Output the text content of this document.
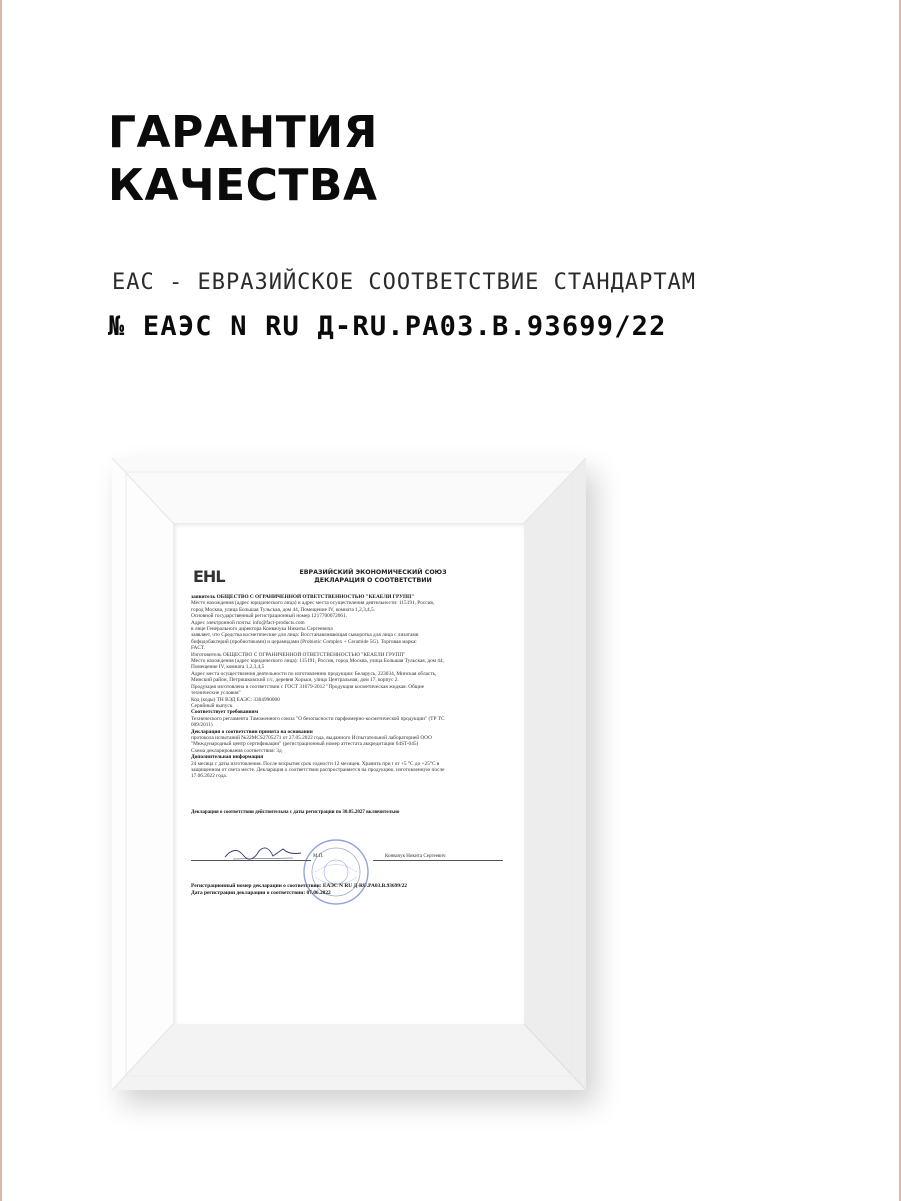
ГАРАНТИЯ
КАЧЕСТВА
EAC - ЕВРАЗИЙСКОЕ СООТВЕТСТВИЕ СТАНДАРТАМ
№ ЕАЭС N RU Д-RU.PA03.B.93699/22
EHL	ЕВРАЗИЙСКИЙ ЭКОНОМИЧЕСКИЙ СОЮЗ
ДЕКЛАРАЦИЯ О СООТВЕТСТВИИ
заявитель ОБЩЕСТВО С ОГРАНИЧЕННОЙ ОТВЕТСТВЕННОСТЬЮ "КЕАЕЛИ ГРУПП"
Место нахождения (адрес юридического лица) и адрес места осуществления деятельности: 115191, Россия,
город Москва, улица Большая Тульская, дом 44, Помещение IV, комната 1,2,3,4,5.
Основной государственный регистрационный номер 1217700072061.
Адрес электронной почты: info@fact-products.com
в лице Генерального директора Конвачука Никиты Сергеевича
заявляет, что Средства косметические для лица: Восстанавливающая сыворотка для лица с лизатами
бифидобактерий (пробиотиками) и церамидами (Probiotic Complex + Ceramide 5G). Торговая марка:
FACT.
Изготовитель ОБЩЕСТВО С ОГРАНИЧЕННОЙ ОТВЕТСТВЕННОСТЬЮ "КЕАЕЛИ ГРУПП"
Место нахождения (адрес юридического лица): 115191, Россия, город Москва, улица Большая Тульская, дом 44,
Помещение IV, комната 1,2,3,4,5
Адрес места осуществления деятельности по изготовлению продукции: Беларусь, 223034, Минская область,
Минский район, Петришковский с/с, деревня Хорьки, улица Центральная, дом 17, корпус 2.
Продукция изготовлена в соответствии с ГОСТ 31679-2012 "Продукция косметическая жидкая. Общие
технические условия"
Код (коды) ТН ВЭД ЕАЭС: 3304990000
Серийный выпуск
Соответствует требованиям
Технического регламента Таможенного союза "О безопасности парфюмерно-косметической продукции" (ТР ТС
009/2011)
Декларация о соответствии принята на основании
протокола испытаний №22MCS2705271 от 27.05.2022 года, выданного Испытательной лабораторией ООО
"Международный центр сертификации" (регистрационный номер аттестата аккредитации 64ST-045)
Схема декларирования соответствия: 3д
Дополнительная информация
24 месяца с даты изготовления. После вскрытия срок годности 12 месяцев. Хранить при t от +5 °С до +25°С в
защищенном от света месте. Декларация о соответствии распространяется на продукцию, изготовленную после
17.06.2022 года.
Декларация о соответствии действительна с даты регистрации по 30.05.2027 включительно
М.П.	Конвачук Никита Сергеевич
Регистрационный номер декларации о соответствии: ЕАЭС N RU Д-RU.PA03.B.93699/22
Дата регистрации декларации о соответствии: 07.06.2022
